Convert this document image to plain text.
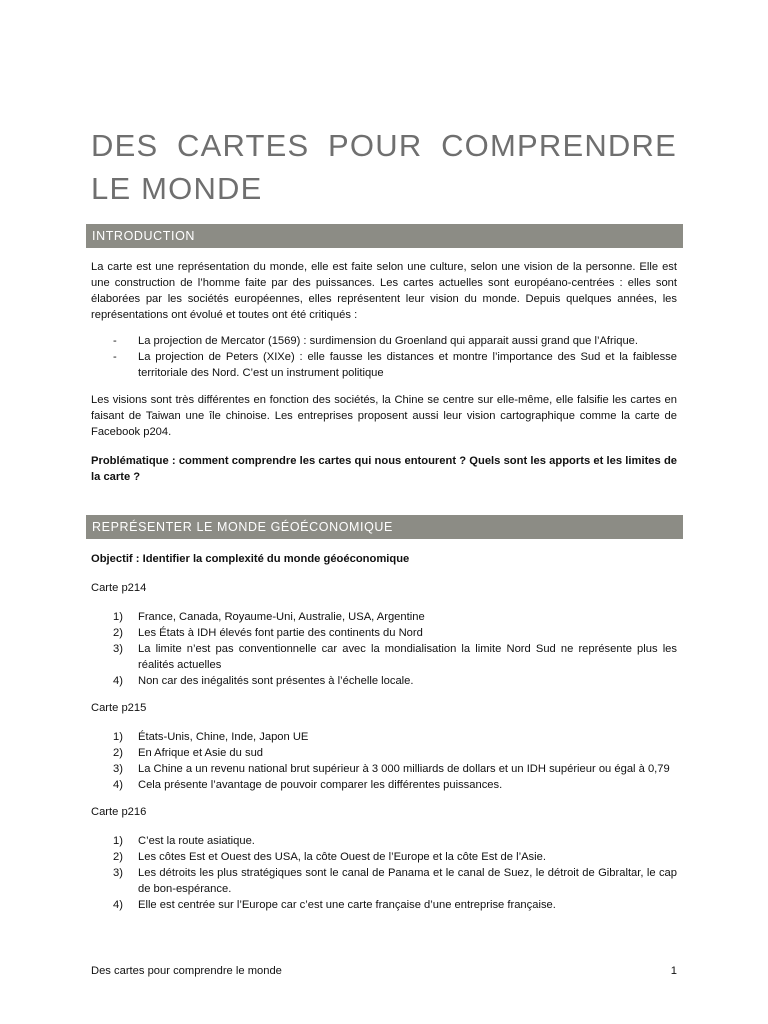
DES CARTES POUR COMPRENDRE LE MONDE
INTRODUCTION

La carte est une représentation du monde, elle est faite selon une culture, selon une vision de la personne. Elle est une construction de l’homme faite par des puissances. Les cartes actuelles sont européano-centrées : elles sont élaborées par les sociétés européennes, elles représentent leur vision du monde. Depuis quelques années, les représentations ont évolué et toutes ont été critiqués :

- La projection de Mercator (1569) : surdimension du Groenland qui apparait aussi grand que l’Afrique.
- La projection de Peters (XIXe) : elle fausse les distances et montre l’importance des Sud et la faiblesse territoriale des Nord. C’est un instrument politique

Les visions sont très différentes en fonction des sociétés, la Chine se centre sur elle-même, elle falsifie les cartes en faisant de Taiwan une île chinoise. Les entreprises proposent aussi leur vision cartographique comme la carte de Facebook p204.

Problématique : comment comprendre les cartes qui nous entourent ? Quels sont les apports et les limites de la carte ?

REPRÉSENTER LE MONDE GÉOÉCONOMIQUE

Objectif : Identifier la complexité du monde géoéconomique

Carte p214

1) France, Canada, Royaume-Uni, Australie, USA, Argentine
2) Les États à IDH élevés font partie des continents du Nord
3) La limite n’est pas conventionnelle car avec la mondialisation la limite Nord Sud ne représente plus les réalités actuelles
4) Non car des inégalités sont présentes à l’échelle locale.

Carte p215

1) États-Unis, Chine, Inde, Japon UE
2) En Afrique et Asie du sud
3) La Chine a un revenu national brut supérieur à 3 000 milliards de dollars et un IDH supérieur ou égal à 0,79
4) Cela présente l’avantage de pouvoir comparer les différentes puissances.

Carte p216

1) C’est la route asiatique.
2) Les côtes Est et Ouest des USA, la côte Ouest de l’Europe et la côte Est de l’Asie.
3) Les détroits les plus stratégiques sont le canal de Panama et le canal de Suez, le détroit de Gibraltar, le cap de bon-espérance.
4) Elle est centrée sur l’Europe car c’est une carte française d’une entreprise française.
Des cartes pour comprendre le monde	1
